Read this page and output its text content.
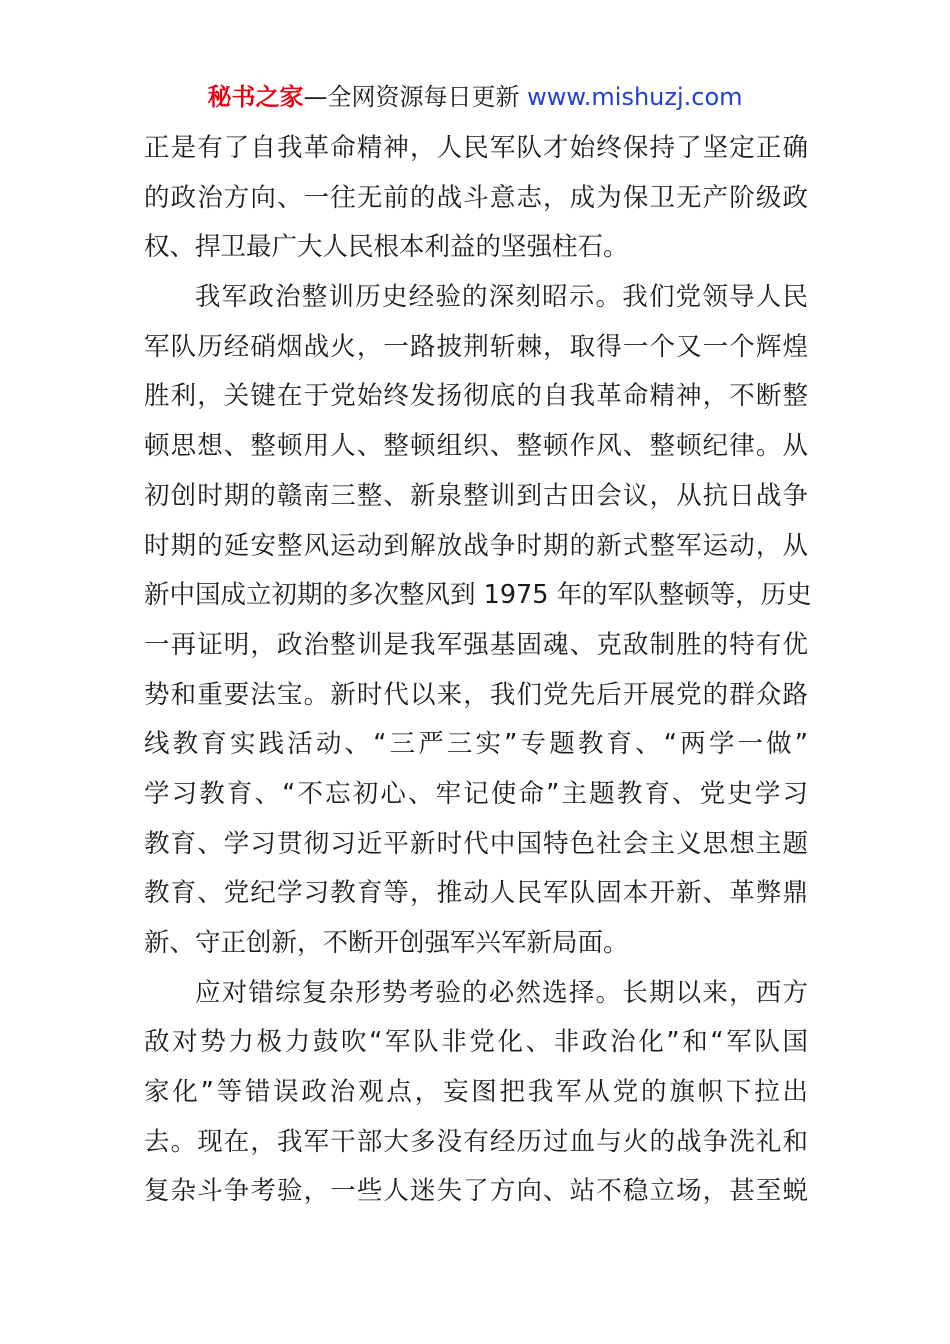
秘书之家—全网资源每日更新 www.mishuzj.com
正是有了自我革命精神，人民军队才始终保持了坚定正确
的政治方向、一往无前的战斗意志，成为保卫无产阶级政
权、捍卫最广大人民根本利益的坚强柱石。
我军政治整训历史经验的深刻昭示。我们党领导人民
军队历经硝烟战火，一路披荆斩棘，取得一个又一个辉煌
胜利，关键在于党始终发扬彻底的自我革命精神，不断整
顿思想、整顿用人、整顿组织、整顿作风、整顿纪律。从
初创时期的赣南三整、新泉整训到古田会议，从抗日战争
时期的延安整风运动到解放战争时期的新式整军运动，从
新中国成立初期的多次整风到 1975 年的军队整顿等，历史
一再证明，政治整训是我军强基固魂、克敌制胜的特有优
势和重要法宝。新时代以来，我们党先后开展党的群众路
线教育实践活动、“三严三实”专题教育、“两学一做”
学习教育、“不忘初心、牢记使命”主题教育、党史学习
教育、学习贯彻习近平新时代中国特色社会主义思想主题
教育、党纪学习教育等，推动人民军队固本开新、革弊鼎
新、守正创新，不断开创强军兴军新局面。
应对错综复杂形势考验的必然选择。长期以来，西方
敌对势力极力鼓吹“军队非党化、非政治化”和“军队国
家化”等错误政治观点，妄图把我军从党的旗帜下拉出
去。现在，我军干部大多没有经历过血与火的战争洗礼和
复杂斗争考验，一些人迷失了方向、站不稳立场，甚至蜕
